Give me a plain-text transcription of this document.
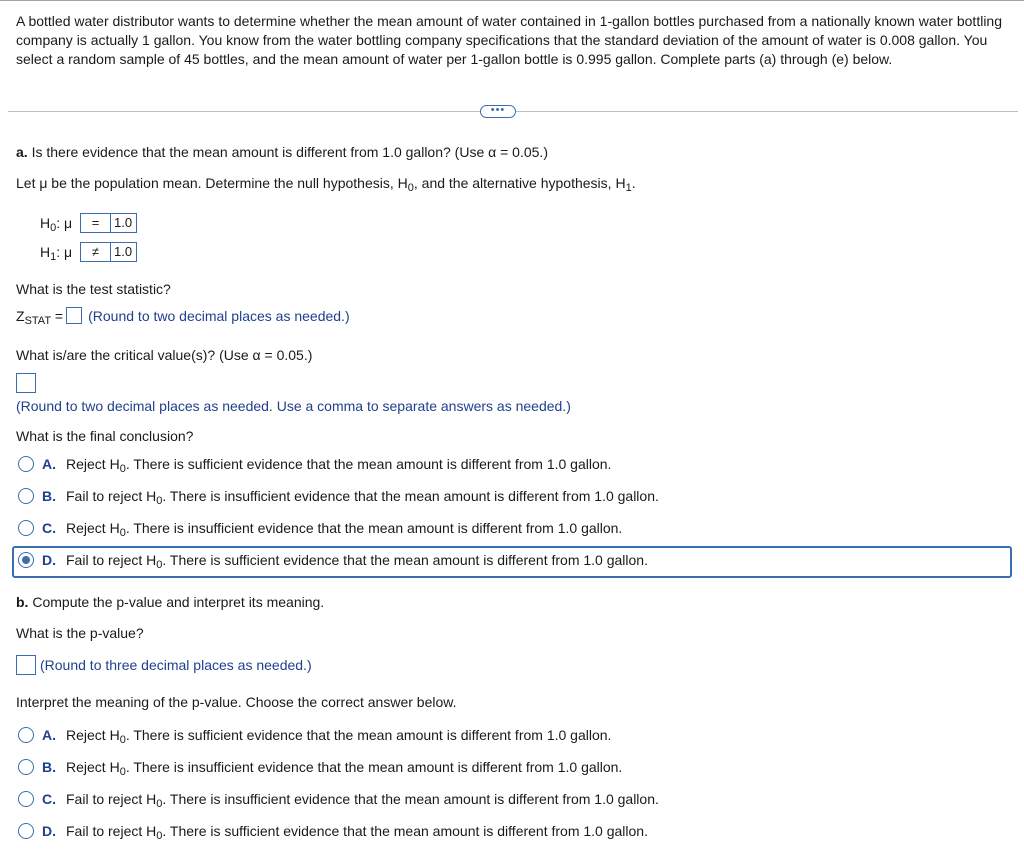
A bottled water distributor wants to determine whether the mean amount of water contained in 1-gallon bottles purchased from a nationally known water bottling company is actually 1 gallon. You know from the water bottling company specifications that the standard deviation of the amount of water is 0.008 gallon. You select a random sample of 45 bottles, and the mean amount of water per 1-gallon bottle is 0.995 gallon. Complete parts (a) through (e) below.
•••
a. Is there evidence that the mean amount is different from 1.0 gallon? (Use α = 0.05.)
Let μ be the population mean. Determine the null hypothesis, $H_0$, and the alternative hypothesis, $H_1$.
$H_0$: μ	=	1.0
$H_1$: μ	≠	1.0
What is the test statistic?
$Z_{STAT}$ = (Round to two decimal places as needed.)
What is/are the critical value(s)? (Use α = 0.05.)
(Round to two decimal places as needed. Use a comma to separate answers as needed.)
What is the final conclusion?
A. Reject $H_0$. There is sufficient evidence that the mean amount is different from 1.0 gallon.
B. Fail to reject $H_0$. There is insufficient evidence that the mean amount is different from 1.0 gallon.
C. Reject $H_0$. There is insufficient evidence that the mean amount is different from 1.0 gallon.
D. Fail to reject $H_0$. There is sufficient evidence that the mean amount is different from 1.0 gallon.
b. Compute the p-value and interpret its meaning.
What is the p-value?
(Round to three decimal places as needed.)
Interpret the meaning of the p-value. Choose the correct answer below.
A. Reject $H_0$. There is sufficient evidence that the mean amount is different from 1.0 gallon.
B. Reject $H_0$. There is insufficient evidence that the mean amount is different from 1.0 gallon.
C. Fail to reject $H_0$. There is insufficient evidence that the mean amount is different from 1.0 gallon.
D. Fail to reject $H_0$. There is sufficient evidence that the mean amount is different from 1.0 gallon.
